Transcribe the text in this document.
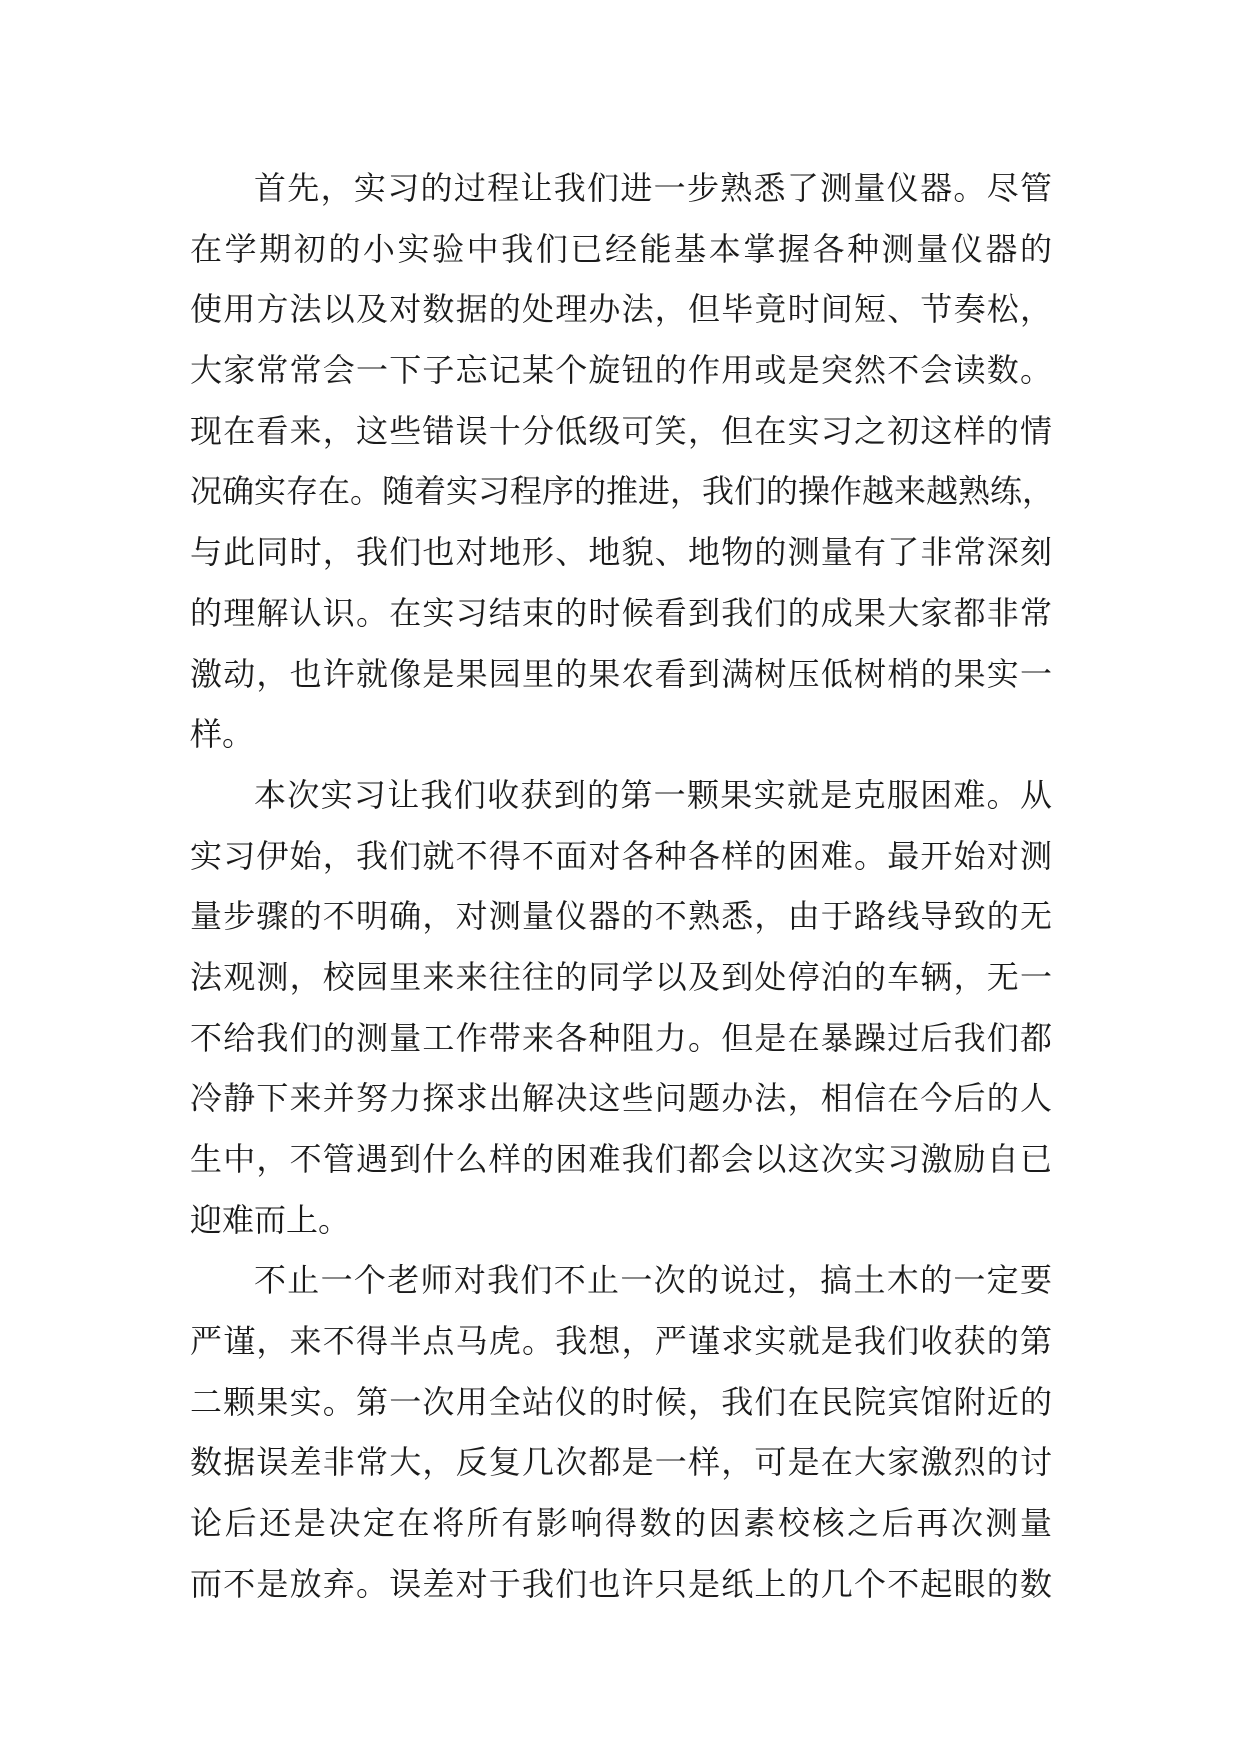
首先，实习的过程让我们进一步熟悉了测量仪器。尽管
在学期初的小实验中我们已经能基本掌握各种测量仪器的
使用方法以及对数据的处理办法，但毕竟时间短、节奏松，
大家常常会一下子忘记某个旋钮的作用或是突然不会读数。
现在看来，这些错误十分低级可笑，但在实习之初这样的情
况确实存在。随着实习程序的推进，我们的操作越来越熟练，
与此同时，我们也对地形、地貌、地物的测量有了非常深刻
的理解认识。在实习结束的时候看到我们的成果大家都非常
激动，也许就像是果园里的果农看到满树压低树梢的果实一
样。
本次实习让我们收获到的第一颗果实就是克服困难。从
实习伊始，我们就不得不面对各种各样的困难。最开始对测
量步骤的不明确，对测量仪器的不熟悉，由于路线导致的无
法观测，校园里来来往往的同学以及到处停泊的车辆，无一
不给我们的测量工作带来各种阻力。但是在暴躁过后我们都
冷静下来并努力探求出解决这些问题办法，相信在今后的人
生中，不管遇到什么样的困难我们都会以这次实习激励自已
迎难而上。
不止一个老师对我们不止一次的说过，搞土木的一定要
严谨，来不得半点马虎。我想，严谨求实就是我们收获的第
二颗果实。第一次用全站仪的时候，我们在民院宾馆附近的
数据误差非常大，反复几次都是一样，可是在大家激烈的讨
论后还是决定在将所有影响得数的因素校核之后再次测量
而不是放弃。误差对于我们也许只是纸上的几个不起眼的数
